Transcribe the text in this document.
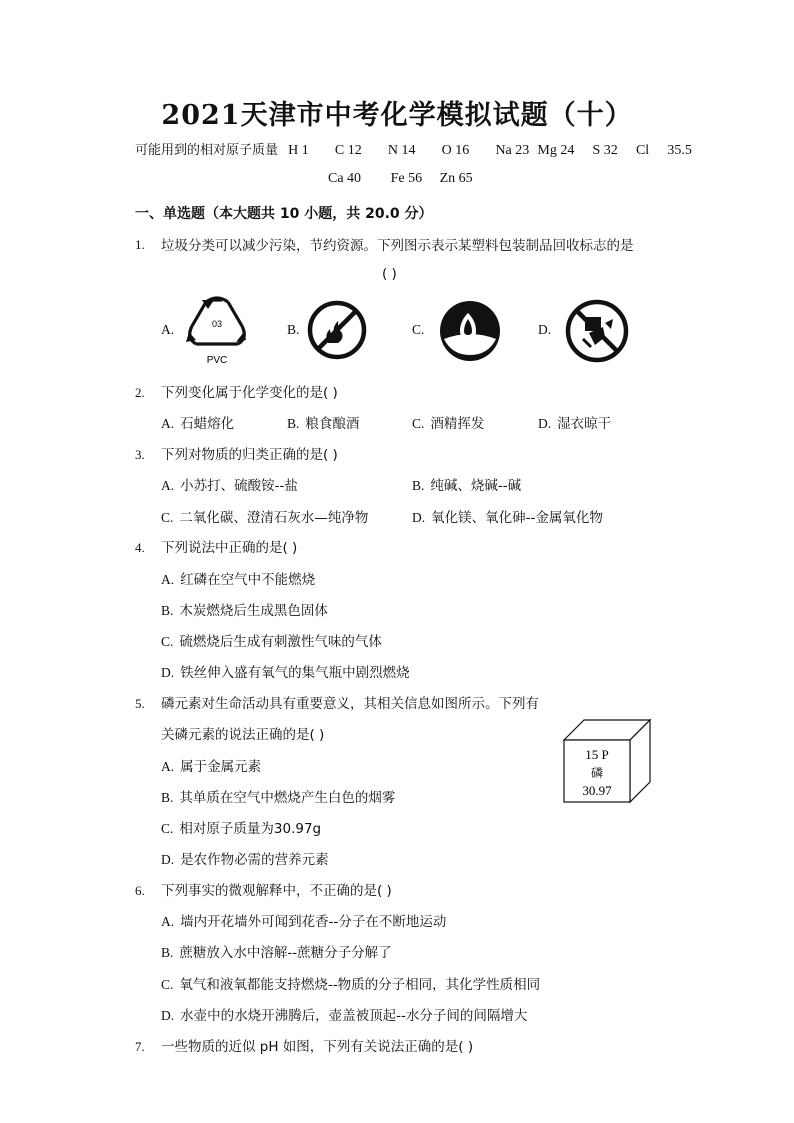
2021天津市中考化学模拟试题（十）
可能用到的相对原子质量 H 1 C 12 N 14 O 16 Na 23 Mg 24 S 32 Cl 35.5
Ca 40 Fe 56 Zn 65
一、单选题（本大题共 10 小题，共 20.0 分）
1. 垃圾分类可以减少污染，节约资源。下列图示表示某塑料包装制品回收标志的是
( )
A.	03
PVC
B.	C.	D.
2. 下列变化属于化学变化的是( )
A. 石蜡熔化	B. 粮食酿酒	C. 酒精挥发	D. 湿衣晾干
3. 下列对物质的归类正确的是( )
A. 小苏打、硫酸铵--盐	B. 纯碱、烧碱--碱
C. 二氧化碳、澄清石灰水—纯净物	D. 氧化镁、氧化砷--金属氧化物
4. 下列说法中正确的是( )
A. 红磷在空气中不能燃烧
B. 木炭燃烧后生成黑色固体
C. 硫燃烧后生成有刺激性气味的气体
D. 铁丝伸入盛有氧气的集气瓶中剧烈燃烧
5. 磷元素对生命活动具有重要意义，其相关信息如图所示。下列有
关磷元素的说法正确的是( )
A. 属于金属元素
B. 其单质在空气中燃烧产生白色的烟雾
C. 相对原子质量为30.97g
D. 是农作物必需的营养元素
15 P
磷
30.97
6. 下列事实的微观解释中，不正确的是( )
A. 墙内开花墙外可闻到花香--分子在不断地运动
B. 蔗糖放入水中溶解--蔗糖分子分解了
C. 氧气和液氧都能支持燃烧--物质的分子相同，其化学性质相同
D. 水壶中的水烧开沸腾后，壶盖被顶起--水分子间的间隔增大
7. 一些物质的近似 pH 如图，下列有关说法正确的是( )
